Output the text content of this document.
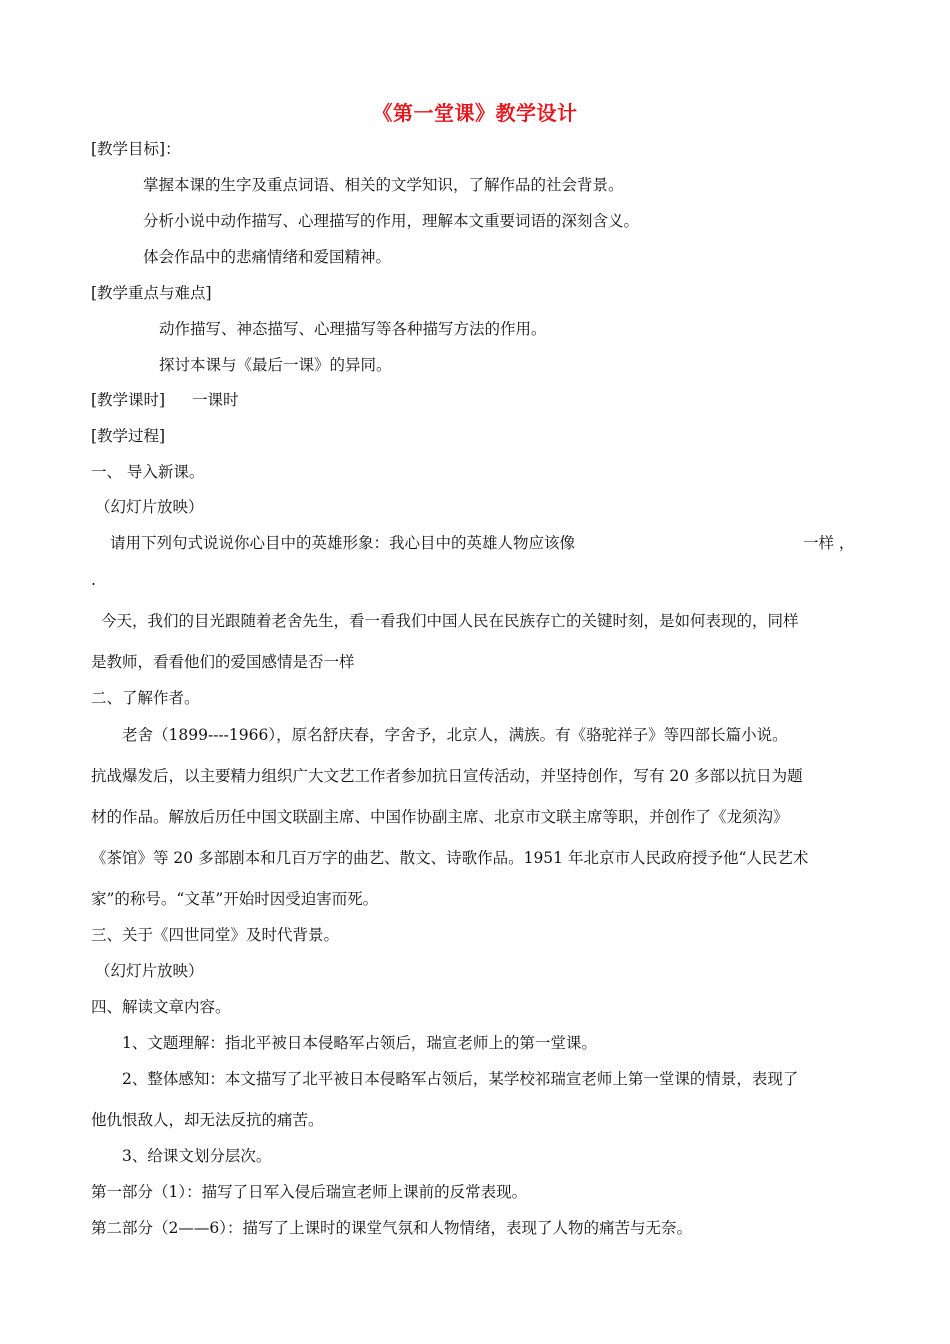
《第一堂课》教学设计
[教学目标]：
掌握本课的生字及重点词语、相关的文学知识，了解作品的社会背景。
分析小说中动作描写、心理描写的作用，理解本文重要词语的深刻含义。
体会作品中的悲痛情绪和爱国精神。
[教学重点与难点]
动作描写、神态描写、心理描写等各种描写方法的作用。
探讨本课与《最后一课》的异同。
[教学课时] 一课时
[教学过程]
一、 导入新课。
（幻灯片放映）
请用下列句式说说你心目中的英雄形象：我心目中的英雄人物应该像	一样 ，
.
今天，我们的目光跟随着老舍先生，看一看我们中国人民在民族存亡的关键时刻，是如何表现的，同样
是教师，看看他们的爱国感情是否一样
二、了解作者。
老舍（1899----1966），原名舒庆春，字舍予，北京人，满族。有《骆驼祥子》等四部长篇小说。
抗战爆发后，以主要精力组织广大文艺工作者参加抗日宣传活动，并坚持创作，写有 20 多部以抗日为题
材的作品。解放后历任中国文联副主席、中国作协副主席、北京市文联主席等职，并创作了《龙须沟》
《茶馆》等 20 多部剧本和几百万字的曲艺、散文、诗歌作品。1951 年北京市人民政府授予他“人民艺术
家”的称号。“文革”开始时因受迫害而死。
三、关于《四世同堂》及时代背景。
（幻灯片放映）
四、解读文章内容。
1、文题理解：指北平被日本侵略军占领后，瑞宣老师上的第一堂课。
2、整体感知：本文描写了北平被日本侵略军占领后，某学校祁瑞宣老师上第一堂课的情景，表现了
他仇恨敌人，却无法反抗的痛苦。
3、给课文划分层次。
第一部分（1）：描写了日军入侵后瑞宣老师上课前的反常表现。
第二部分（2——6）：描写了上课时的课堂气氛和人物情绪，表现了人物的痛苦与无奈。
